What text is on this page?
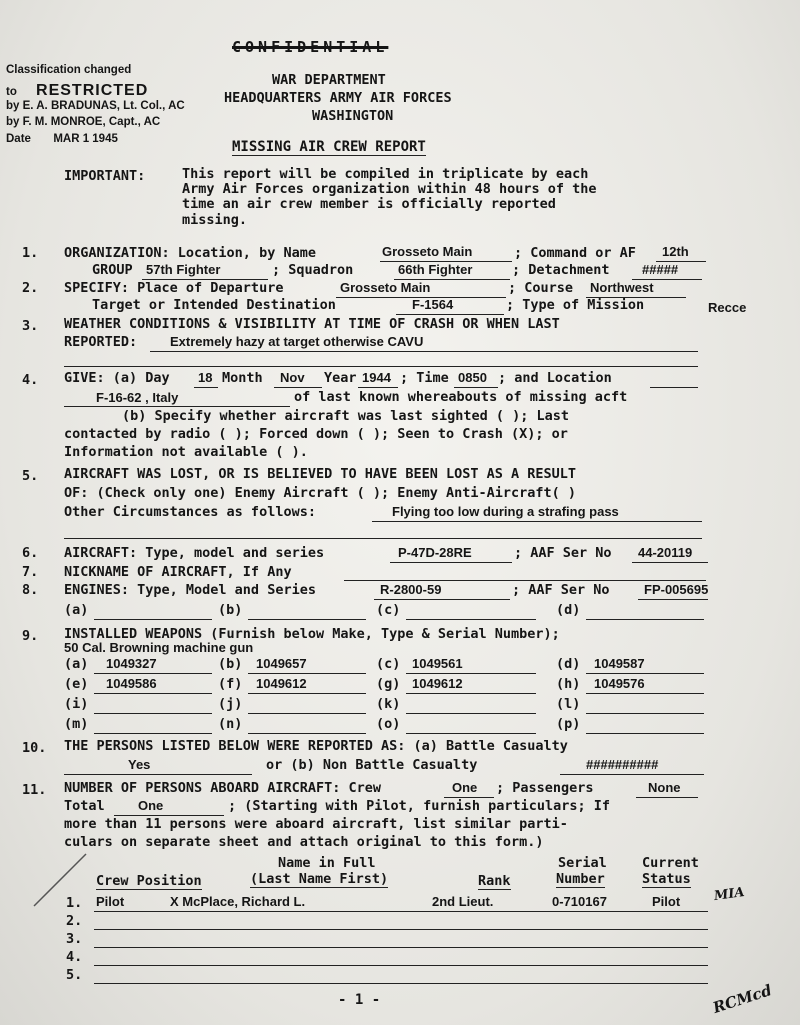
CONFIDENTIAL
WAR DEPARTMENT
HEADQUARTERS ARMY AIR FORCES
WASHINGTON
MISSING AIR CREW REPORT
Classification changed
to RESTRICTED
by E. A. BRADUNAS, Lt. Col., AC
by F. M. MONROE, Capt., AC
Date MAR 1 1945
IMPORTANT:	This report will be compiled in triplicate by each
Army Air Forces organization within 48 hours of the
time an air crew member is officially reported
missing.
1. ORGANIZATION: Location, by Name	Grosseto Main	; Command or AF 12th
GROUP 57th Fighter	; Squadron	66th Fighter	; Detachment #####
2. SPECIFY: Place of Departure	Grosseto Main	; Course Northwest
Target or Intended Destination	F-1564	; Type of Mission	Recce
3. WEATHER CONDITIONS & VISIBILITY AT TIME OF CRASH OR WHEN LAST
REPORTED:	Extremely hazy at target otherwise CAVU
4. GIVE: (a) Day 18 Month Nov Year 1944 ; Time 0850 ; and Location
F-16-62 , Italy	of last known whereabouts of missing acft
(b) Specify whether aircraft was last sighted ( ); Last
contacted by radio ( ); Forced down ( ); Seen to Crash (X); or
Information not available ( ).
5. AIRCRAFT WAS LOST, OR IS BELIEVED TO HAVE BEEN LOST AS A RESULT
OF: (Check only one) Enemy Aircraft ( ); Enemy Anti-Aircraft( )
Other Circumstances as follows:	Flying too low during a strafing pass
6. AIRCRAFT: Type, model and series	P-47D-28RE	; AAF Ser No 44-20119
7. NICKNAME OF AIRCRAFT, If Any
8. ENGINES: Type, Model and Series	R-2800-59	; AAF Ser No	FP-005695
(a)	(b)	(c)	(d)
9. INSTALLED WEAPONS (Furnish below Make, Type & Serial Number);
50 Cal. Browning machine gun
(a) 1049327	(b) 1049657	(c) 1049561	(d) 1049587
(e) 1049586	(f) 1049612	(g) 1049612	(h) 1049576
(i)	(j)	(k)	(l)
(m)	(n)	(o)	(p)
10. THE PERSONS LISTED BELOW WERE REPORTED AS: (a) Battle Casualty
Yes	or (b) Non Battle Casualty	##########
11. NUMBER OF PERSONS ABOARD AIRCRAFT: Crew	One ; Passengers	None
Total	One	; (Starting with Pilot, furnish particulars; If
more than 11 persons were aboard aircraft, list similar parti-
culars on separate sheet and attach original to this form.)
Name in Full	Serial	Current
Crew Position	(Last Name First)	Rank	Number	Status
1. Pilot	X McPlace, Richard L.	2nd Lieut.	0-710167	Pilot	MIA
2.
3.
4.
5.
- 1 -	RCMcd
